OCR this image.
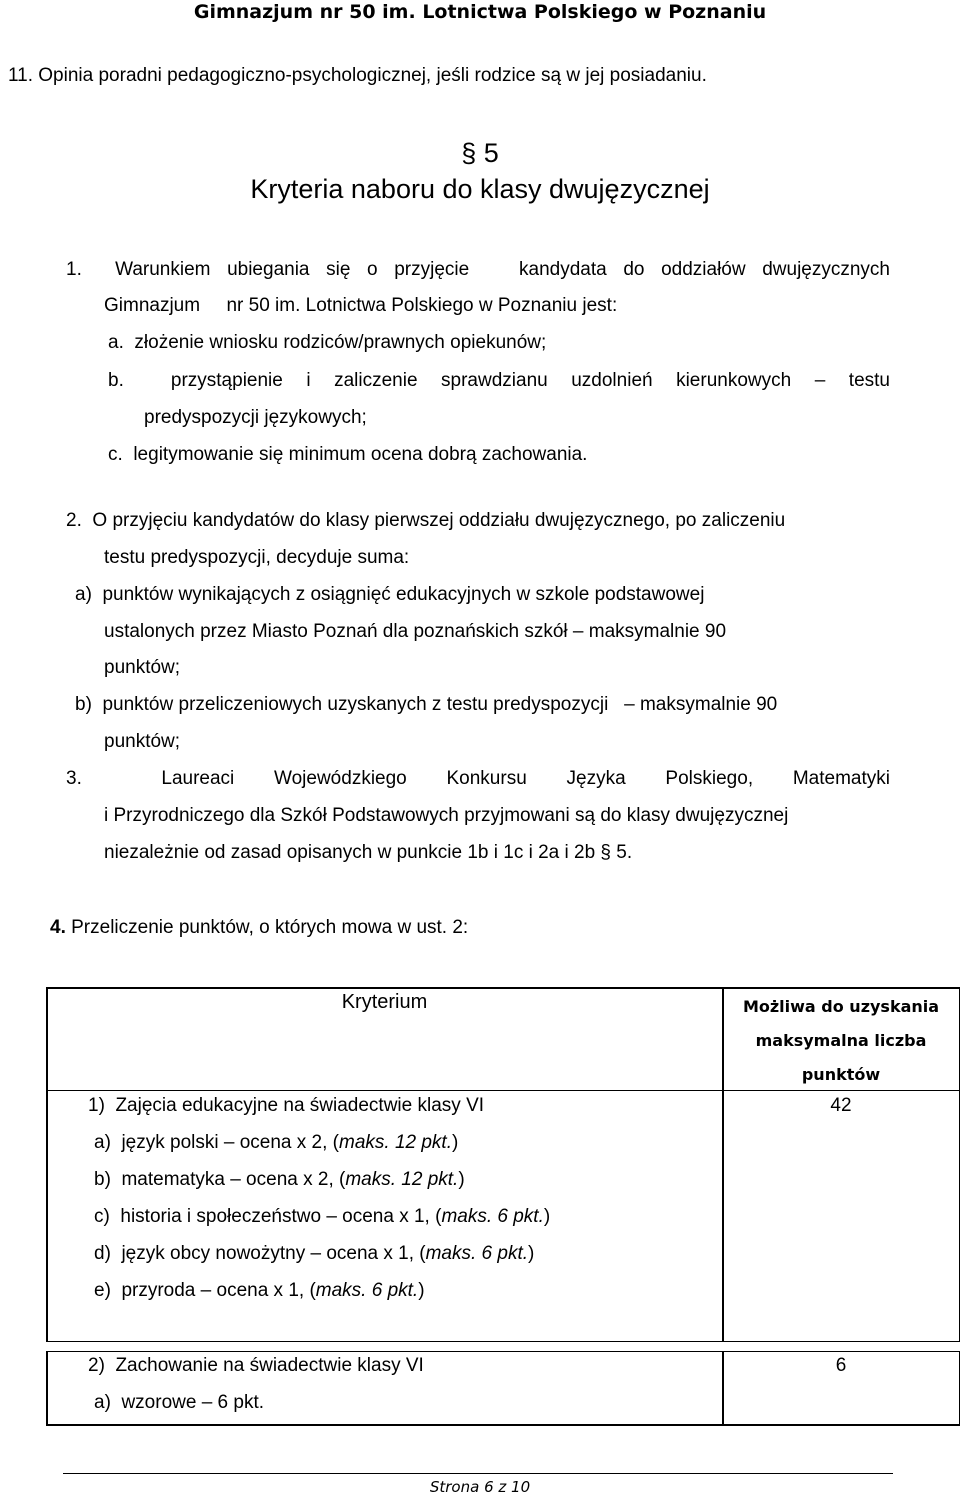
Gimnazjum nr 50 im. Lotnictwa Polskiego w Poznaniu
11. Opinia poradni pedagogiczno-psychologicznej, jeśli rodzice są w jej posiadaniu.
§ 5
Kryteria naboru do klasy dwujęzycznej
1.  Warunkiem ubiegania się o przyjęcie   kandydata do oddziałów dwujęzycznych
Gimnazjum     nr 50 im. Lotnictwa Polskiego w Poznaniu jest:
a.  złożenie wniosku rodziców/prawnych opiekunów;
b.  przystąpienie i zaliczenie sprawdzianu uzdolnień kierunkowych – testu
predyspozycji językowych;
c.  legitymowanie się minimum ocena dobrą zachowania.
2.  O przyjęciu kandydatów do klasy pierwszej oddziału dwujęzycznego, po zaliczeniu
testu predyspozycji, decyduje suma:
a)  punktów wynikających z osiągnięć edukacyjnych w szkole podstawowej
ustalonych przez Miasto Poznań dla poznańskich szkół – maksymalnie 90
punktów;
b)  punktów przeliczeniowych uzyskanych z testu predyspozycji   – maksymalnie 90
punktów;
3.  Laureaci Wojewódzkiego Konkursu Języka Polskiego, Matematyki
i Przyrodniczego dla Szkół Podstawowych przyjmowani są do klasy dwujęzycznej
niezależnie od zasad opisanych w punkcie 1b i 1c i 2a i 2b § 5.
4. Przeliczenie punktów, o których mowa w ust. 2:
Kryterium	Możliwa do uzyskania
maksymalna liczba
punktów
1)  Zajęcia edukacyjne na świadectwie klasy VI	42
a)  język polski – ocena x 2, (maks. 12 pkt.)
b)  matematyka – ocena x 2, (maks. 12 pkt.)
c)  historia i społeczeństwo – ocena x 1, (maks. 6 pkt.)
d)  język obcy nowożytny – ocena x 1, (maks. 6 pkt.)
e)  przyroda – ocena x 1, (maks. 6 pkt.)
2)  Zachowanie na świadectwie klasy VI	6
a)  wzorowe – 6 pkt.
Strona 6 z 10
